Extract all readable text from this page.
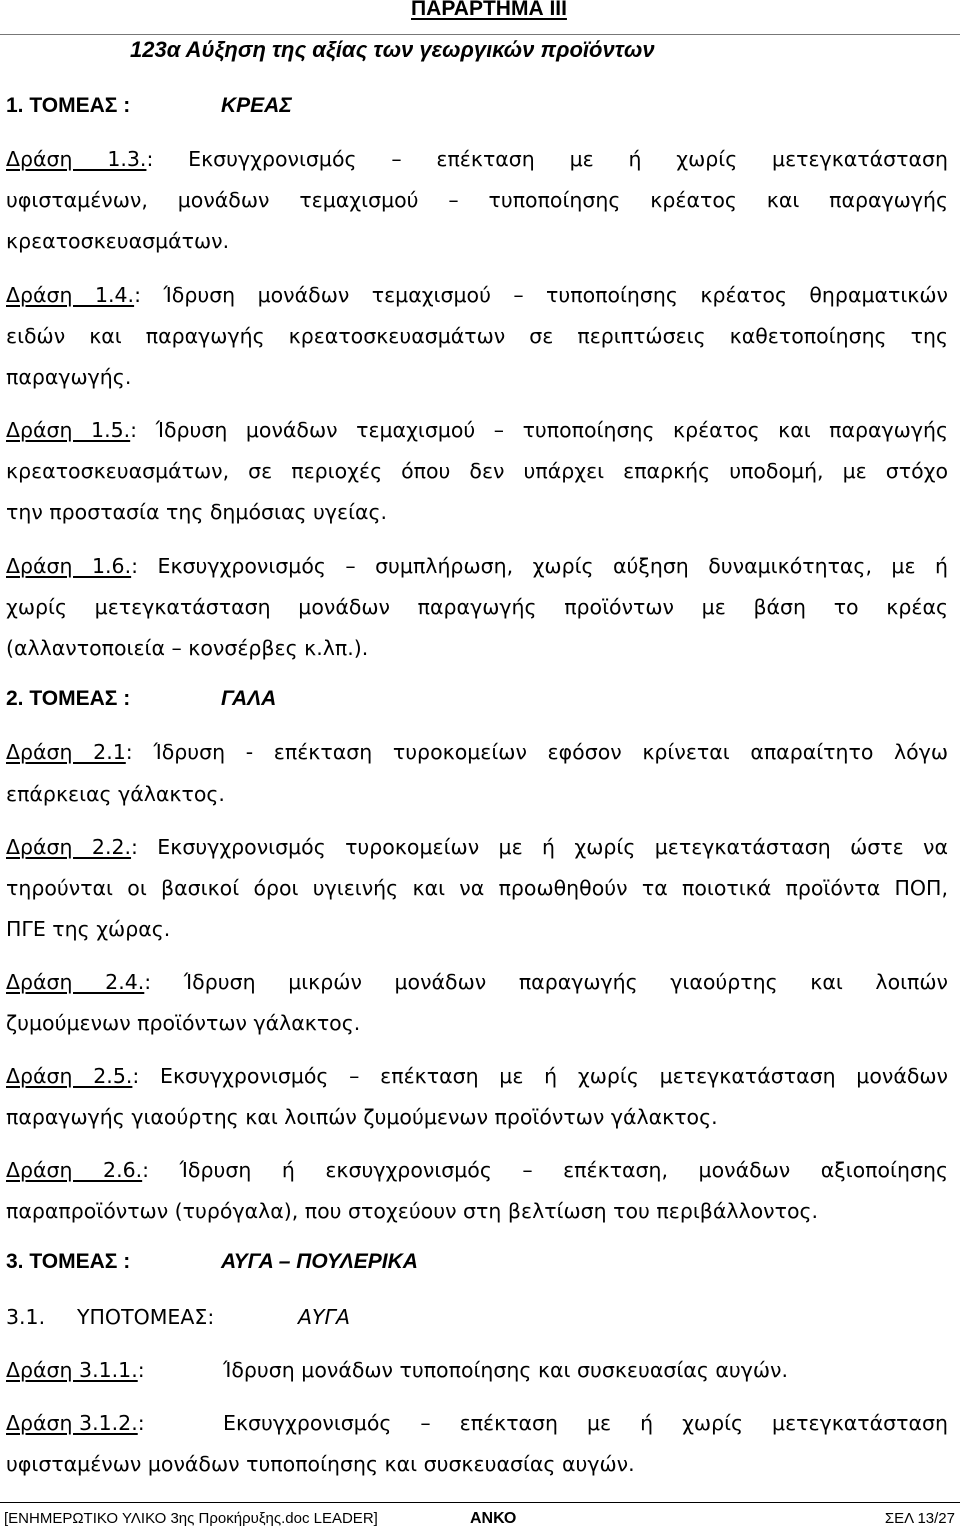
ΠΑΡΑΡΤΗΜΑ ΙΙΙ
123α Αύξηση της αξίας των γεωργικών προϊόντων
1. ΤΟΜΕΑΣ :	ΚΡΕΑΣ
Δράση 1.3.: Εκσυγχρονισμός – επέκταση με ή χωρίς μετεγκατάσταση
υφισταμένων, μονάδων τεμαχισμού – τυποποίησης κρέατος και παραγωγής
κρεατοσκευασμάτων.
Δράση 1.4.: Ίδρυση μονάδων τεμαχισμού – τυποποίησης κρέατος θηραματικών
ειδών και παραγωγής κρεατοσκευασμάτων σε περιπτώσεις καθετοποίησης της
παραγωγής.
Δράση 1.5.: Ίδρυση μονάδων τεμαχισμού – τυποποίησης κρέατος και παραγωγής
κρεατοσκευασμάτων, σε περιοχές όπου δεν υπάρχει επαρκής υποδομή, με στόχο
την προστασία της δημόσιας υγείας.
Δράση 1.6.: Εκσυγχρονισμός – συμπλήρωση, χωρίς αύξηση δυναμικότητας, με ή
χωρίς μετεγκατάσταση μονάδων παραγωγής προϊόντων με βάση το κρέας
(αλλαντοποιεία – κονσέρβες κ.λπ.).
2. ΤΟΜΕΑΣ :	ΓΑΛΑ
Δράση 2.1: Ίδρυση - επέκταση τυροκομείων εφόσον κρίνεται απαραίτητο λόγω
επάρκειας γάλακτος.
Δράση 2.2.: Εκσυγχρονισμός τυροκομείων με ή χωρίς μετεγκατάσταση ώστε να
τηρούνται οι βασικοί όροι υγιεινής και να προωθηθούν τα ποιοτικά προϊόντα ΠΟΠ,
ΠΓΕ της χώρας.
Δράση 2.4.: Ίδρυση μικρών μονάδων παραγωγής γιαούρτης και λοιπών
ζυμούμενων προϊόντων γάλακτος.
Δράση 2.5.: Εκσυγχρονισμός – επέκταση με ή χωρίς μετεγκατάσταση μονάδων
παραγωγής γιαούρτης και λοιπών ζυμούμενων προϊόντων γάλακτος.
Δράση 2.6.: Ίδρυση ή εκσυγχρονισμός – επέκταση, μονάδων αξιοποίησης
παραπροϊόντων (τυρόγαλα), που στοχεύουν στη βελτίωση του περιβάλλοντος.
3. ΤΟΜΕΑΣ :	ΑΥΓΑ – ΠΟΥΛΕΡΙΚΑ
3.1. ΥΠΟΤΟΜΕΑΣ:	ΑΥΓΑ
Δράση 3.1.1.:	Ίδρυση μονάδων τυποποίησης και συσκευασίας αυγών.
Δράση 3.1.2.:	Εκσυγχρονισμός – επέκταση με ή χωρίς μετεγκατάσταση
υφισταμένων μονάδων τυποποίησης και συσκευασίας αυγών.
[ΕΝΗΜΕΡΩΤΙΚΟ ΥΛΙΚΟ 3ης Προκήρυξης.doc LEADER]	ΑΝΚΟ	ΣΕΛ 13/27
